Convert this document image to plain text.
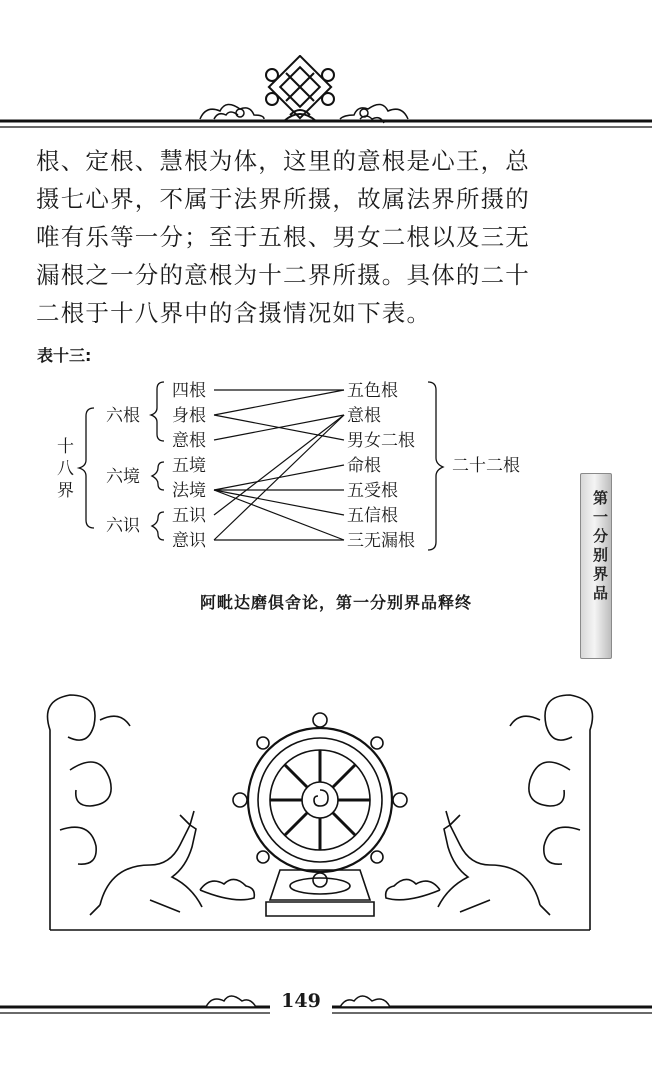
根、定根、慧根为体，这里的意根是心王，总
摄七心界，不属于法界所摄，故属法界所摄的
唯有乐等一分；至于五根、男女二根以及三无
漏根之一分的意根为十二界所摄。具体的二十
二根于十八界中的含摄情况如下表。
表十三:
十
八
界
六根
六境
六识
四根
身根
意根
五境
法境
五识
意识
五色根
意根
男女二根
命根
五受根
五信根
三无漏根
二十二根
阿毗达磨俱舍论，第一分别界品释终	第一分别界品
149
